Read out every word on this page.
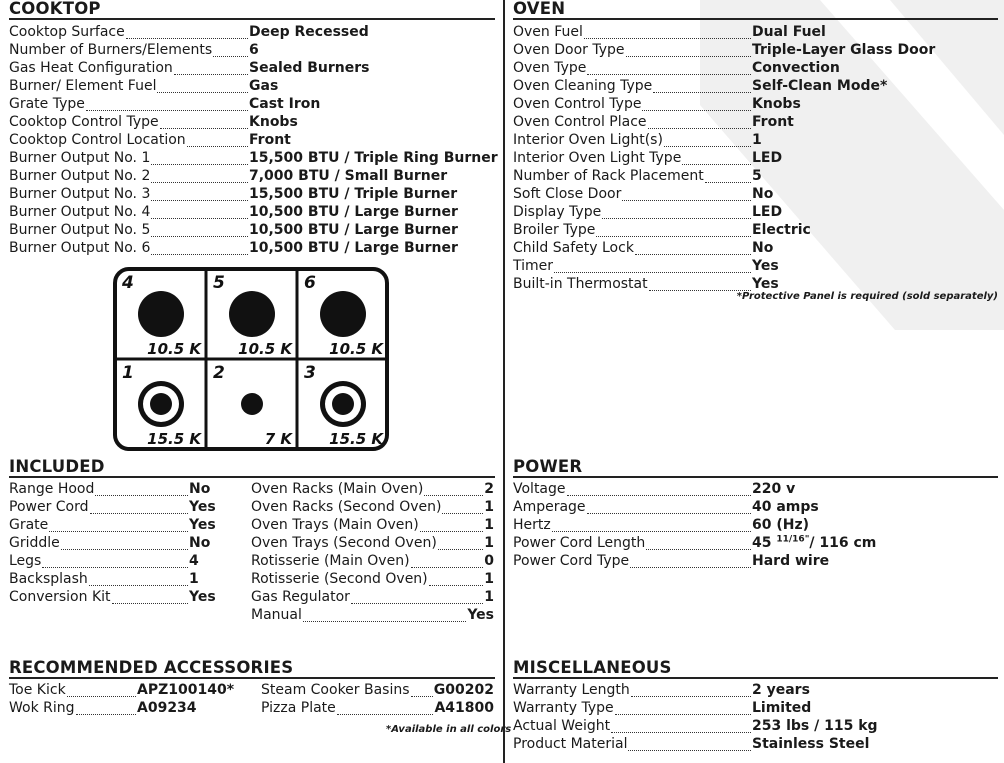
COOKTOP
Cooktop Surface	Deep Recessed
Number of Burners/Elements	6
Gas Heat Configuration	Sealed Burners
Burner/ Element Fuel	Gas
Grate Type	Cast Iron
Cooktop Control Type	Knobs
Cooktop Control Location	Front
Burner Output No. 1	15,500 BTU / Triple Ring Burner
Burner Output No. 2	7,000 BTU / Small Burner
Burner Output No. 3	15,500 BTU / Triple Burner
Burner Output No. 4	10,500 BTU / Large Burner
Burner Output No. 5	10,500 BTU / Large Burner
Burner Output No. 6	10,500 BTU / Large Burner
4
10.5 K
5
10.5 K
6
10.5 K
1
15.5 K
2
7 K
3
15.5 K
OVEN
Oven Fuel	Dual Fuel
Oven Door Type	Triple-Layer Glass Door
Oven Type	Convection
Oven Cleaning Type	Self-Clean Mode*
Oven Control Type	Knobs
Oven Control Place	Front
Interior Oven Light(s)	1
Interior Oven Light Type	LED
Number of Rack Placement	5
Soft Close Door	No
Display Type	LED
Broiler Type	Electric
Child Safety Lock	No
Timer	Yes
Built-in Thermostat	Yes
*Protective Panel is required (sold separately)
INCLUDED
Range Hood	No
Power Cord	Yes
Grate	Yes
Griddle	No
Legs	4
Backsplash	1
Conversion Kit	Yes
Oven Racks (Main Oven)	2
Oven Racks (Second Oven)	1
Oven Trays (Main Oven)	1
Oven Trays (Second Oven)	1
Rotisserie (Main Oven)	0
Rotisserie (Second Oven)	1
Gas Regulator	1
Manual	Yes
POWER
Voltage	220 v
Amperage	40 amps
Hertz	60 (Hz)
Power Cord Length	45 $^{11/16"}$/ 116 cm
Power Cord Type	Hard wire
RECOMMENDED ACCESSORIES
Toe Kick	APZ100140*
Wok Ring	A09234
Steam Cooker Basins G00202
Pizza Plate	A41800
*Available in all colors
MISCELLANEOUS
Warranty Length	2 years
Warranty Type	Limited
Actual Weight	253 lbs / 115 kg
Product Material	Stainless Steel
